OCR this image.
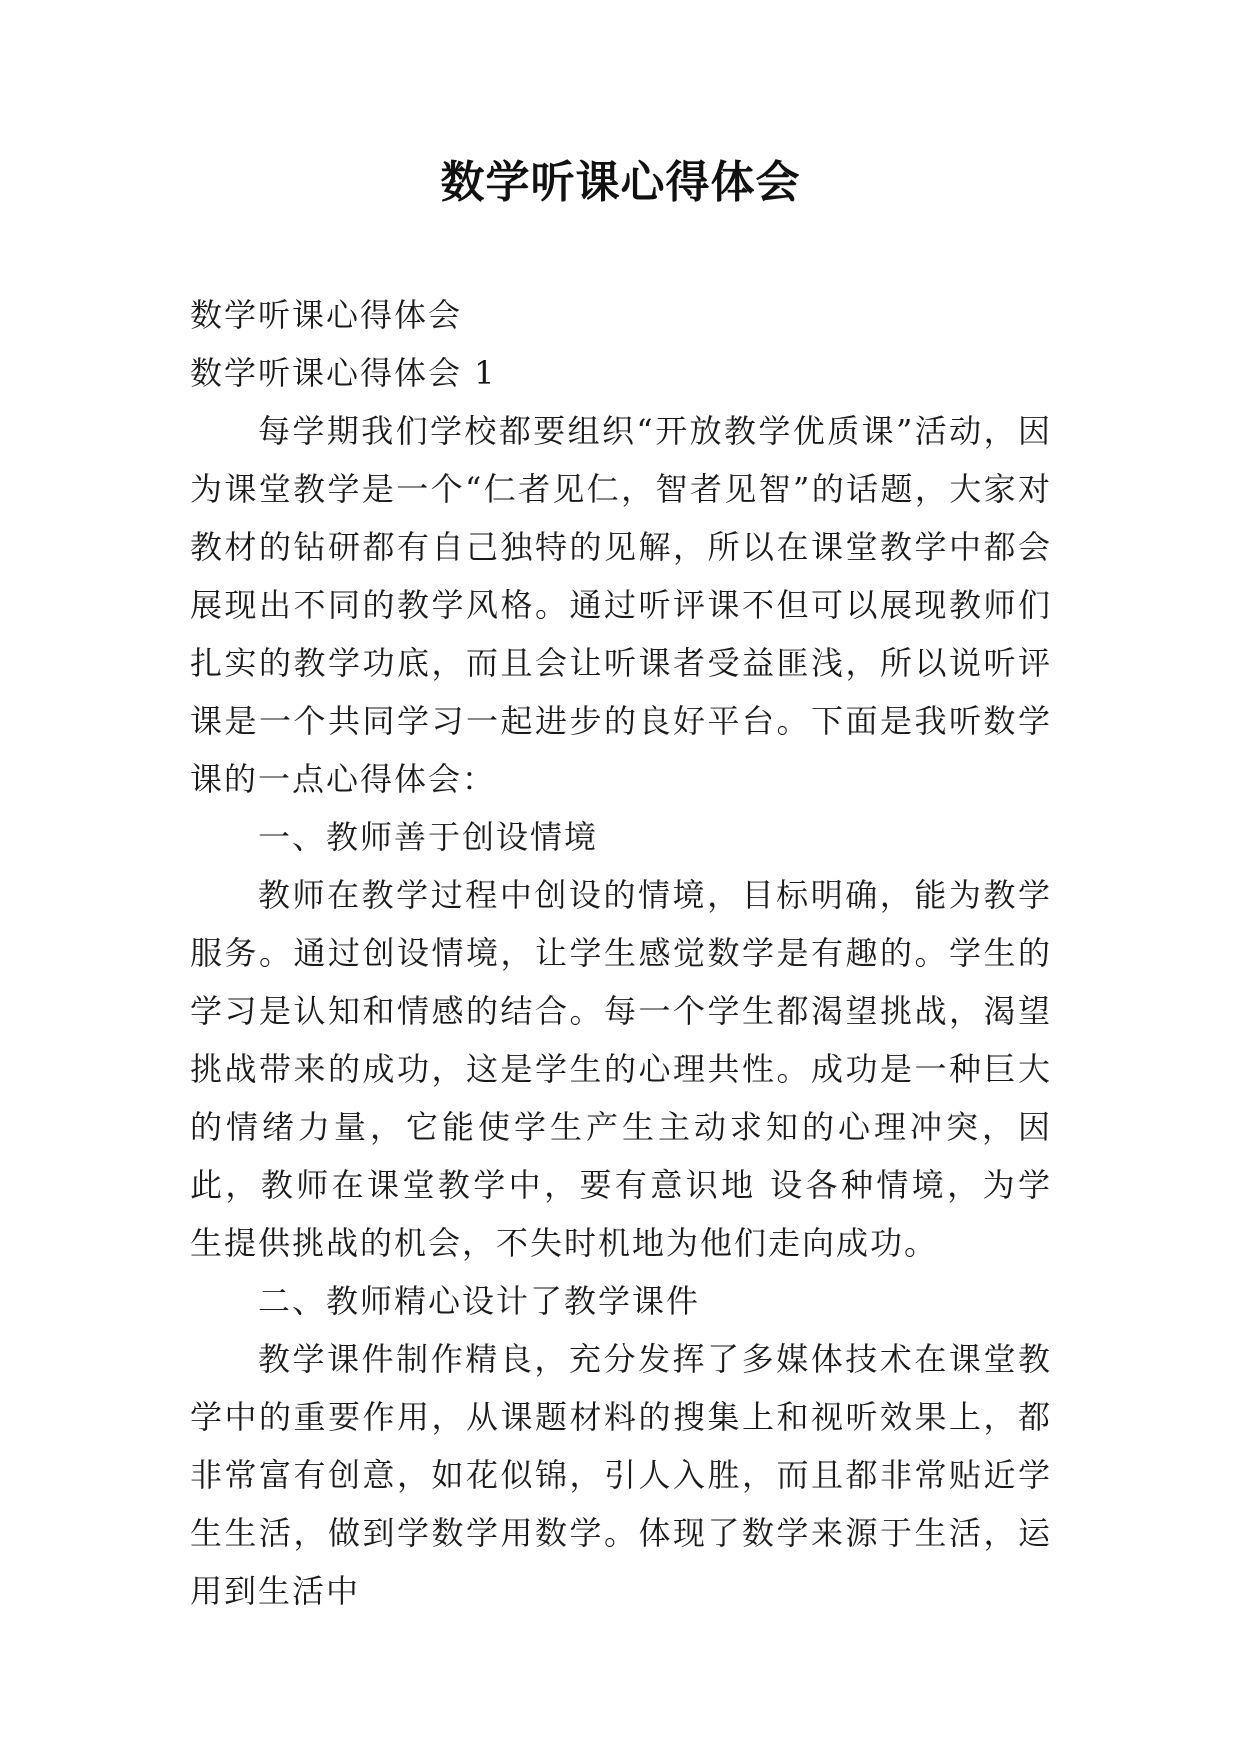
数学听课心得体会

数学听课心得体会

数学听课心得体会 1

每学期我们学校都要组织“开放教学优质课”活动，因为课堂教学是一个“仁者见仁，智者见智”的话题，大家对教材的钻研都有自己独特的见解，所以在课堂教学中都会展现出不同的教学风格。通过听评课不但可以展现教师们扎实的教学功底，而且会让听课者受益匪浅，所以说听评课是一个共同学习一起进步的良好平台。下面是我听数学课的一点心得体会：

一、教师善于创设情境

教师在教学过程中创设的情境，目标明确，能为教学服务。通过创设情境，让学生感觉数学是有趣的。学生的学习是认知和情感的结合。每一个学生都渴望挑战，渴望挑战带来的成功，这是学生的心理共性。成功是一种巨大的情绪力量，它能使学生产生主动求知的心理冲突，因此，教师在课堂教学中，要有意识地 设各种情境，为学生提供挑战的机会，不失时机地为他们走向成功。

二、教师精心设计了教学课件

教学课件制作精良，充分发挥了多媒体技术在课堂教学中的重要作用，从课题材料的搜集上和视听效果上，都非常富有创意，如花似锦，引人入胜，而且都非常贴近学生生活，做到学数学用数学。体现了数学来源于生活，运用到生活中
